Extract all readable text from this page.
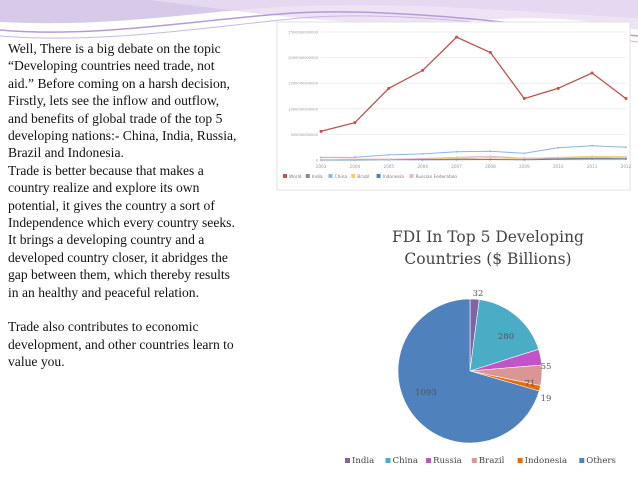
Well, There is a big debate on the topic “Developing countries need trade, not aid.” Before coming on a harsh decision, Firstly, lets see the inflow and outflow, and benefits of global trade of the top 5 developing nations:- China, India, Russia, Brazil and Indonesia.

Trade is better because that makes a country realize and explore its own potential, it gives the country a sort of Independence which every country seeks. It brings a developing country and a developed country closer, it abridges the gap between them, which thereby results in an healthy and peaceful relation.

Trade also contributes to economic development, and other countries learn to value you.

0
500000000000
1000000000000
1500000000000
2000000000000
2500000000000
2003	2004	2005	2006	2007	2008	2009	2010	2011	2012
World India	China Brazil	Indonesia	Russian Federation
FDI In Top 5 Developing
Countries ($ Billions)
32
280
55
71
19
1093
India China Russia Brazil Indonesia Others
